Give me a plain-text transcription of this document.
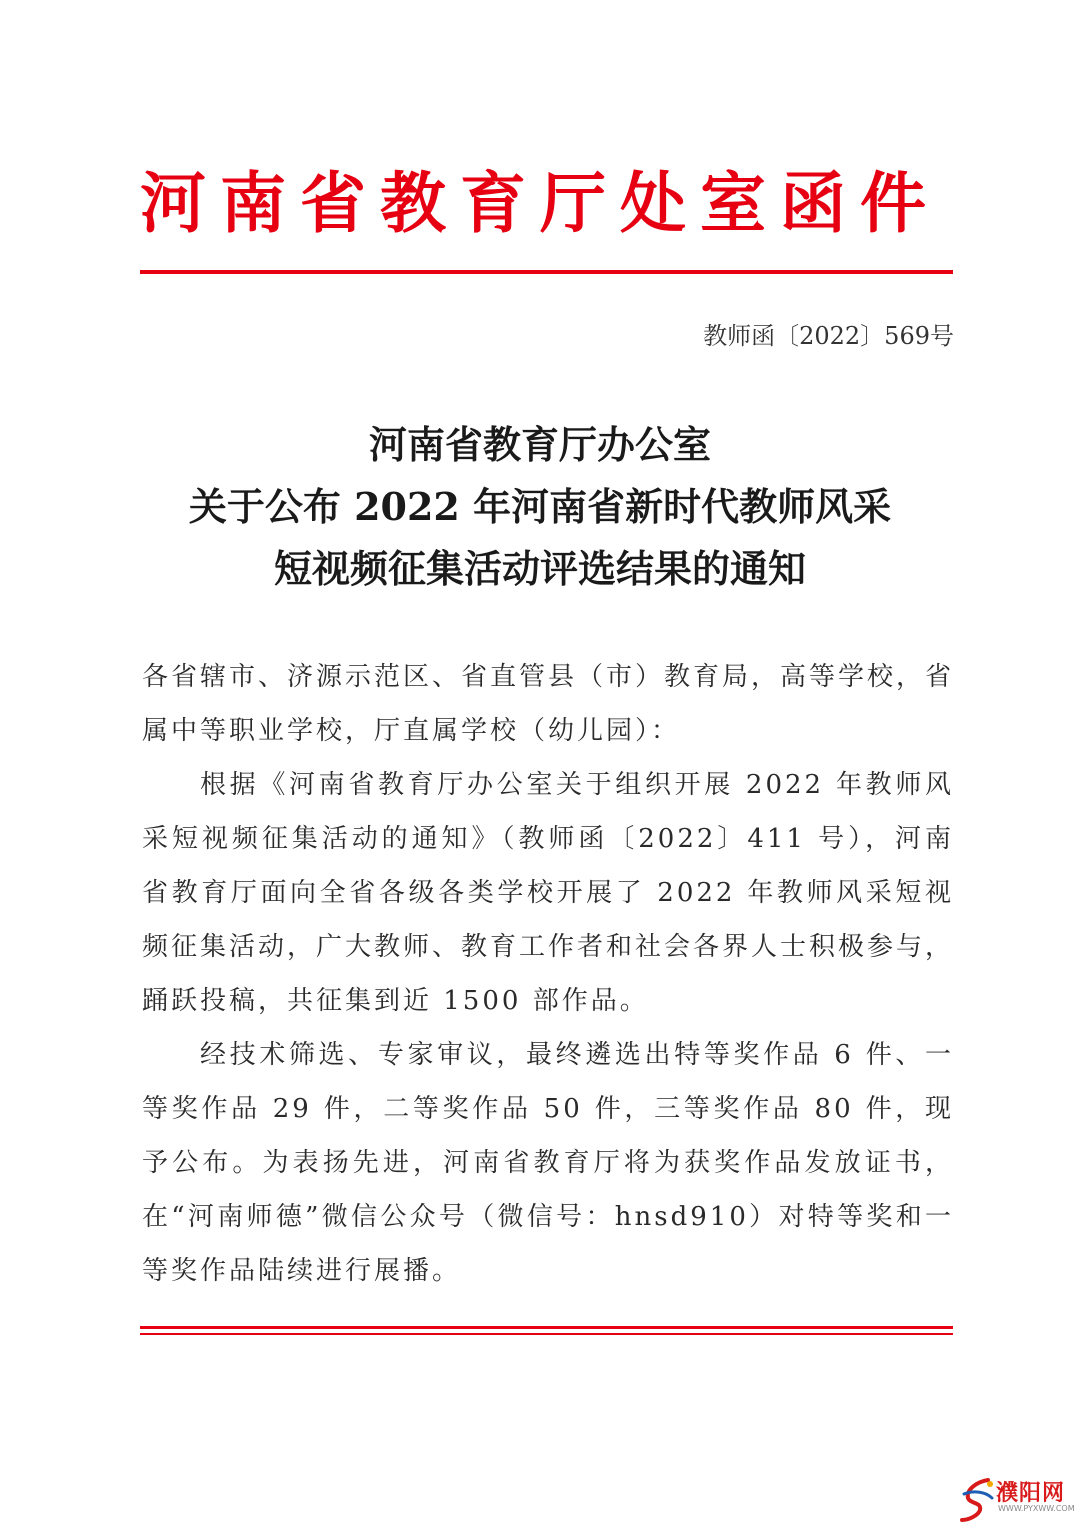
河南省教育厅处室函件
教师函〔2022〕569号
河南省教育厅办公室
关于公布 2022 年河南省新时代教师风采
短视频征集活动评选结果的通知

各省辖市、济源示范区、省直管县（市）教育局，高等学校，省属中等职业学校，厅直属学校（幼儿园）：

根据《河南省教育厅办公室关于组织开展 2022 年教师风采短视频征集活动的通知》（教师函〔2022〕411 号），河南省教育厅面向全省各级各类学校开展了 2022 年教师风采短视频征集活动，广大教师、教育工作者和社会各界人士积极参与，踊跃投稿，共征集到近 1500 部作品。

经技术筛选、专家审议，最终遴选出特等奖作品 6 件、一等奖作品 29 件，二等奖作品 50 件，三等奖作品 80 件，现予公布。为表扬先进，河南省教育厅将为获奖作品发放证书，在“河南师德”微信公众号（微信号：hnsd910）对特等奖和一等奖作品陆续进行展播。

濮阳网
WWW.PYXWW.COM
